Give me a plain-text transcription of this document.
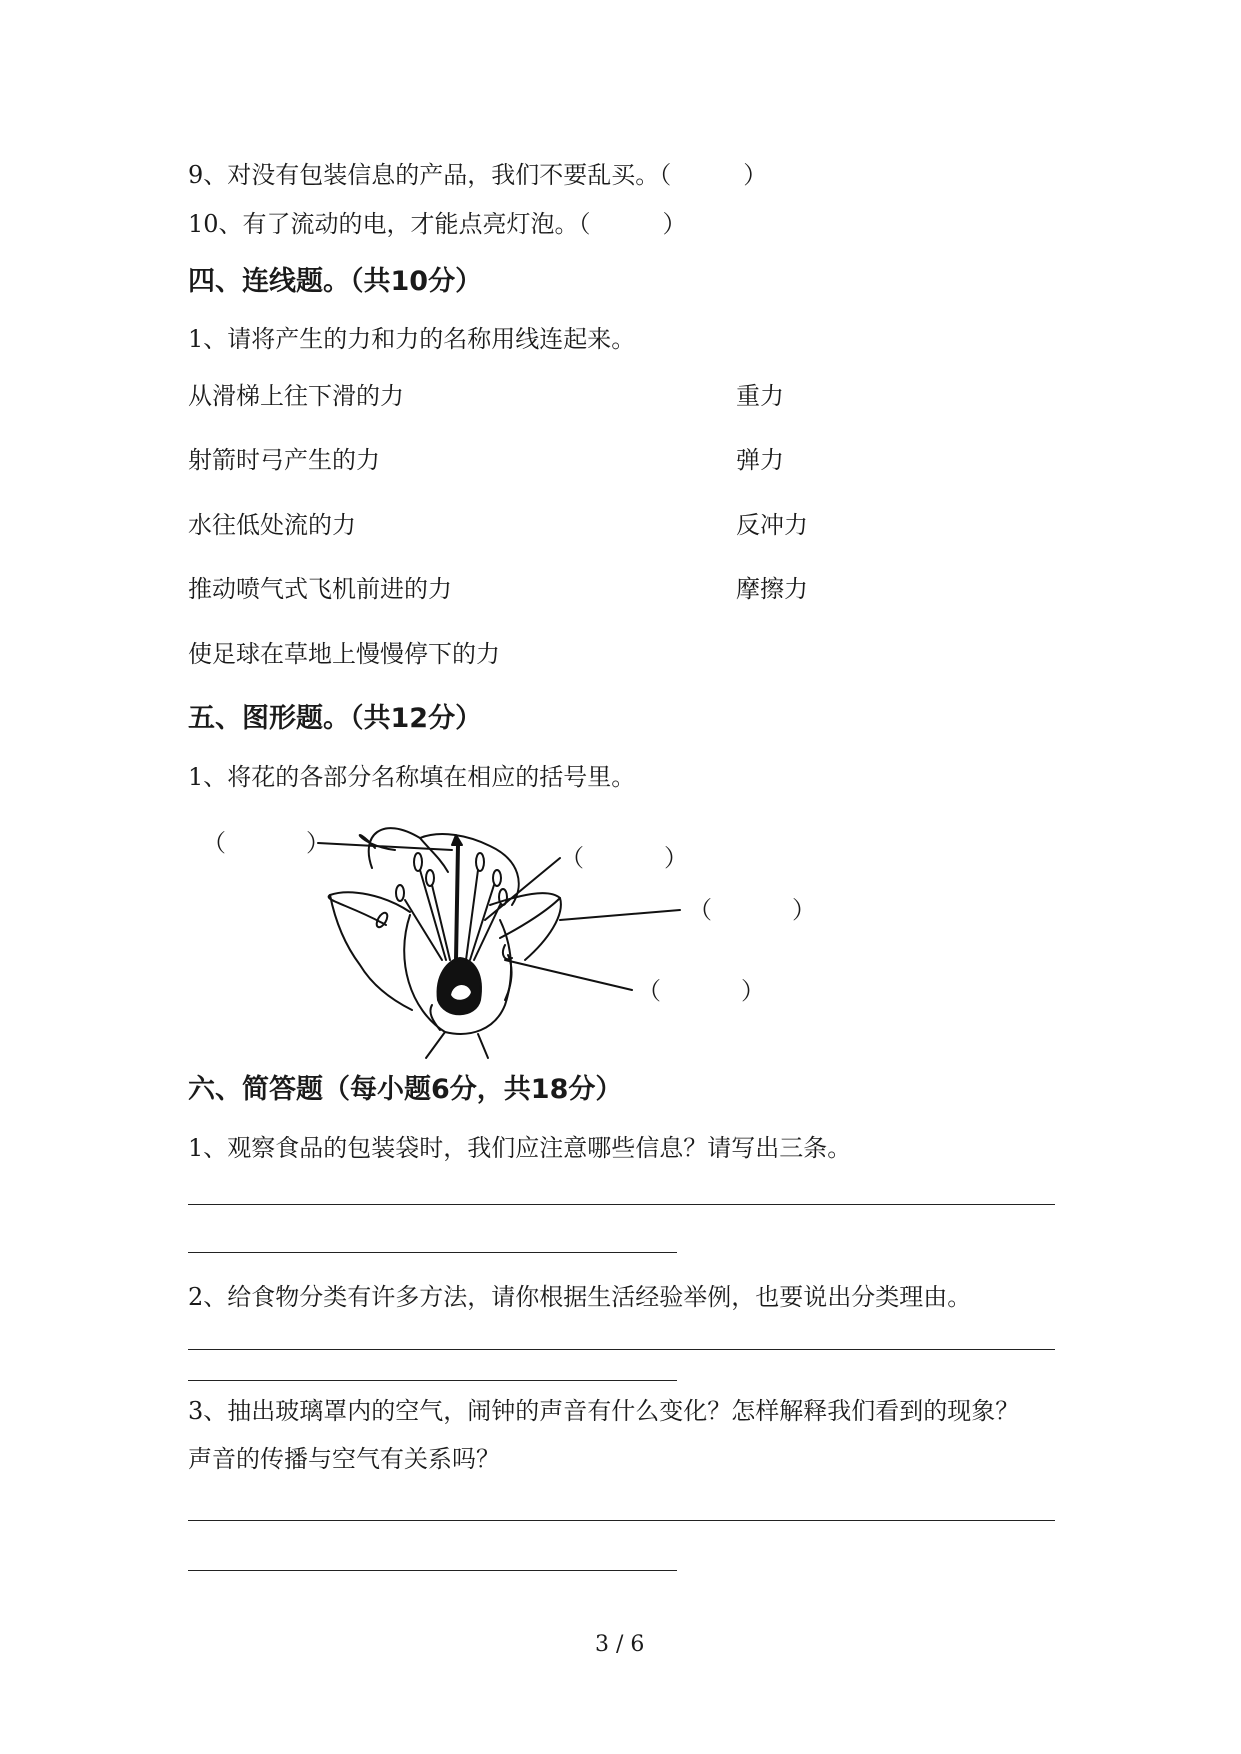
9、对没有包装信息的产品，我们不要乱买。（　　　）
10、有了流动的电，才能点亮灯泡。（　　　）
四、连线题。（共10分）
1、请将产生的力和力的名称用线连起来。
从滑梯上往下滑的力
射箭时弓产生的力
水往低处流的力
推动喷气式飞机前进的力
使足球在草地上慢慢停下的力
重力
弹力
反冲力
摩擦力
五、图形题。（共12分）
1、将花的各部分名称填在相应的括号里。
（　　　）
（　　　）
（　　　）
（　　　）
六、简答题（每小题6分，共18分）
1、观察食品的包装袋时，我们应注意哪些信息？请写出三条。
2、给食物分类有许多方法，请你根据生活经验举例，也要说出分类理由。
3、抽出玻璃罩内的空气，闹钟的声音有什么变化？怎样解释我们看到的现象？
声音的传播与空气有关系吗？
3 / 6
